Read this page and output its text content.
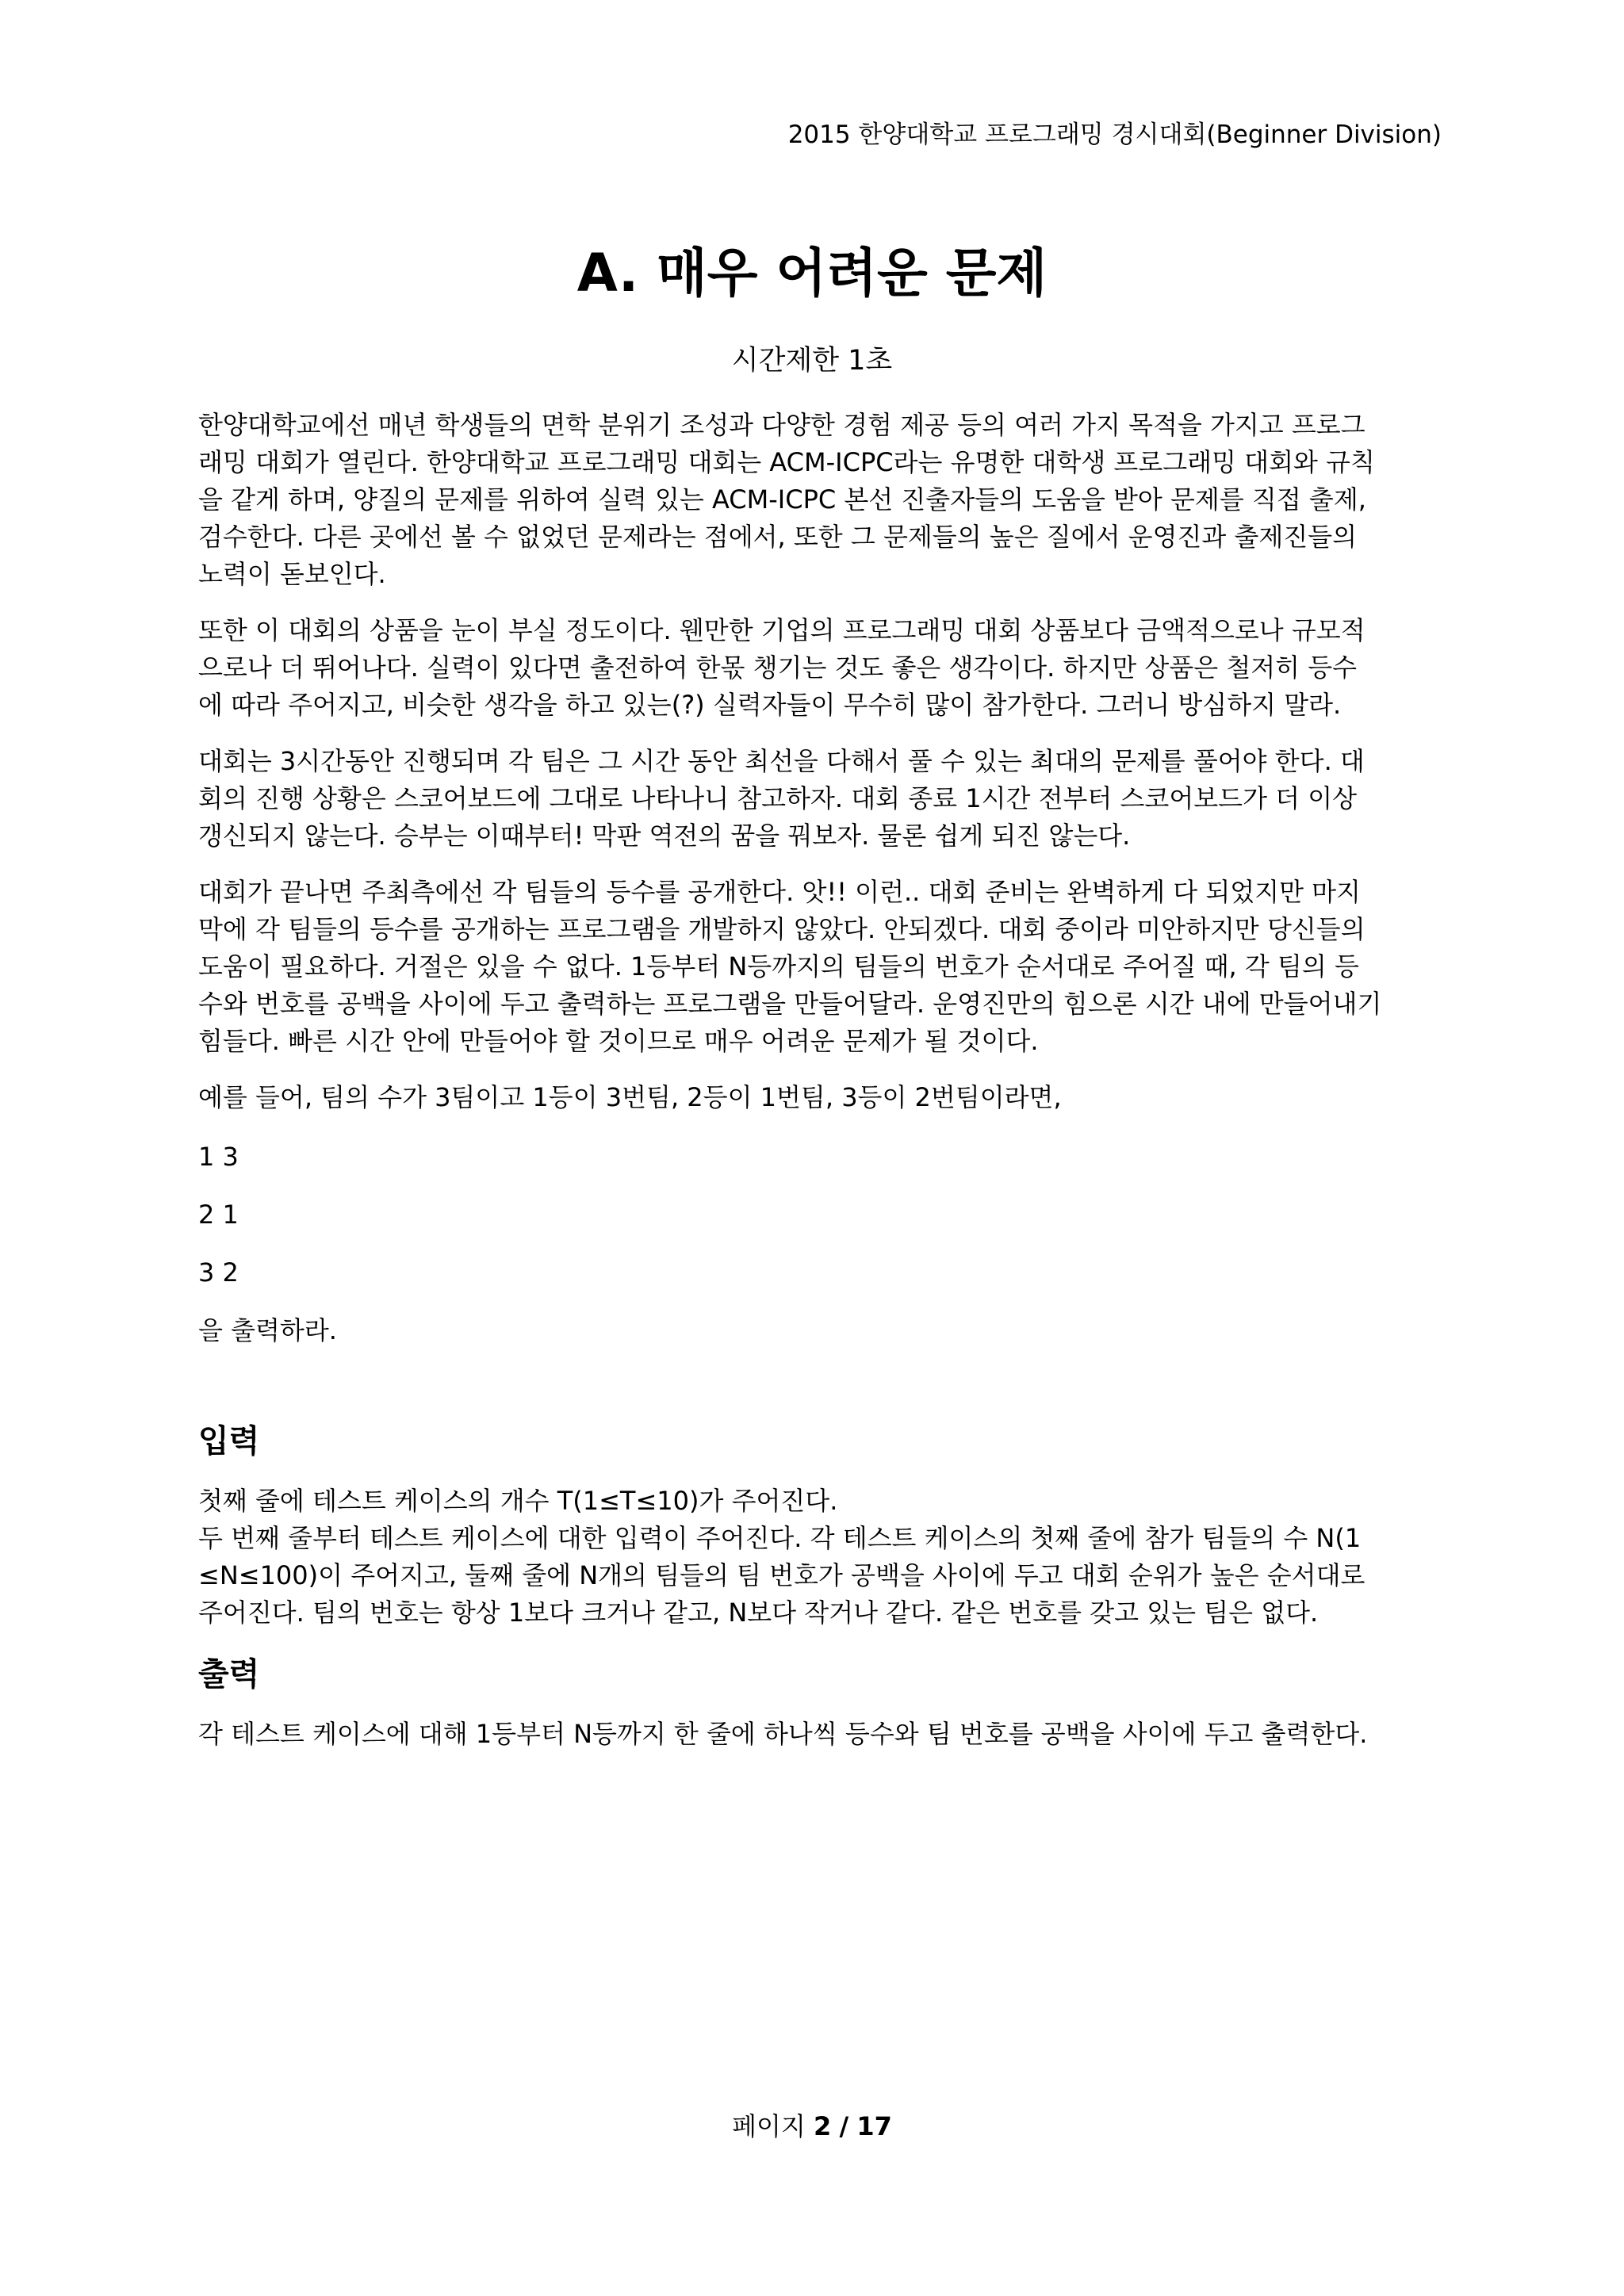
2015 한양대학교 프로그래밍 경시대회(Beginner Division)
A. 매우 어려운 문제
시간제한 1초
한양대학교에선 매년 학생들의 면학 분위기 조성과 다양한 경험 제공 등의 여러 가지 목적을 가지고 프로그
래밍 대회가 열린다. 한양대학교 프로그래밍 대회는 ACM-ICPC라는 유명한 대학생 프로그래밍 대회와 규칙
을 같게 하며, 양질의 문제를 위하여 실력 있는 ACM-ICPC 본선 진출자들의 도움을 받아 문제를 직접 출제,
검수한다. 다른 곳에선 볼 수 없었던 문제라는 점에서, 또한 그 문제들의 높은 질에서 운영진과 출제진들의
노력이 돋보인다.
또한 이 대회의 상품을 눈이 부실 정도이다. 웬만한 기업의 프로그래밍 대회 상품보다 금액적으로나 규모적
으로나 더 뛰어나다. 실력이 있다면 출전하여 한몫 챙기는 것도 좋은 생각이다. 하지만 상품은 철저히 등수
에 따라 주어지고, 비슷한 생각을 하고 있는(?) 실력자들이 무수히 많이 참가한다. 그러니 방심하지 말라.
대회는 3시간동안 진행되며 각 팀은 그 시간 동안 최선을 다해서 풀 수 있는 최대의 문제를 풀어야 한다. 대
회의 진행 상황은 스코어보드에 그대로 나타나니 참고하자. 대회 종료 1시간 전부터 스코어보드가 더 이상
갱신되지 않는다. 승부는 이때부터! 막판 역전의 꿈을 꿔보자. 물론 쉽게 되진 않는다.
대회가 끝나면 주최측에선 각 팀들의 등수를 공개한다. 앗!! 이런.. 대회 준비는 완벽하게 다 되었지만 마지
막에 각 팀들의 등수를 공개하는 프로그램을 개발하지 않았다. 안되겠다. 대회 중이라 미안하지만 당신들의
도움이 필요하다. 거절은 있을 수 없다. 1등부터 N등까지의 팀들의 번호가 순서대로 주어질 때, 각 팀의 등
수와 번호를 공백을 사이에 두고 출력하는 프로그램을 만들어달라. 운영진만의 힘으론 시간 내에 만들어내기
힘들다. 빠른 시간 안에 만들어야 할 것이므로 매우 어려운 문제가 될 것이다.
예를 들어, 팀의 수가 3팀이고 1등이 3번팀, 2등이 1번팀, 3등이 2번팀이라면,
1 3
2 1
3 2
을 출력하라.
입력
첫째 줄에 테스트 케이스의 개수 T(1≤T≤10)가 주어진다.
두 번째 줄부터 테스트 케이스에 대한 입력이 주어진다. 각 테스트 케이스의 첫째 줄에 참가 팀들의 수 N(1
≤N≤100)이 주어지고, 둘째 줄에 N개의 팀들의 팀 번호가 공백을 사이에 두고 대회 순위가 높은 순서대로
주어진다. 팀의 번호는 항상 1보다 크거나 같고, N보다 작거나 같다. 같은 번호를 갖고 있는 팀은 없다.
출력
각 테스트 케이스에 대해 1등부터 N등까지 한 줄에 하나씩 등수와 팀 번호를 공백을 사이에 두고 출력한다.
페이지 2 / 17
